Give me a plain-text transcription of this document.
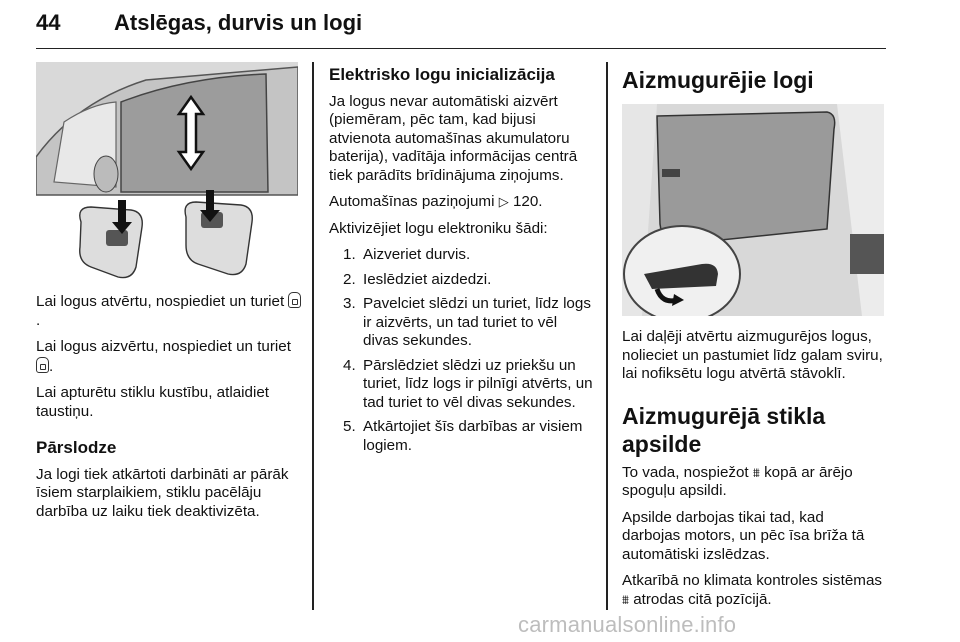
44 Atslēgas, durvis un logi

Lai logus atvērtu, nospiediet un turiet .

Lai logus aizvērtu, nospiediet un turiet .

Lai apturētu stiklu kustību, atlaidiet taustiņu.

Pārslodze

Ja logi tiek atkārtoti darbināti ar pārāk īsiem starplaikiem, stiklu pacēlāju darbība uz laiku tiek deaktivizēta.

Elektrisko logu inicializācija

Ja logus nevar automātiski aizvērt (piemēram, pēc tam, kad bijusi atvienota automašīnas akumulatoru baterija), vadītāja informācijas centrā tiek parādīts brīdinājuma ziņojums.

Automašīnas paziņojumi ▷ 120.

Aktivizējiet logu elektroniku šādi:

1. Aizveriet durvis.
2. Ieslēdziet aizdedzi.
3. Pavelciet slēdzi un turiet, līdz logs ir aizvērts, un tad turiet to vēl divas sekundes.
4. Pārslēdziet slēdzi uz priekšu un turiet, līdz logs ir pilnīgi atvērts, un tad turiet to vēl divas sekundes.
5. Atkārtojiet šīs darbības ar visiem logiem.
Aizmugurējie logi

Lai daļēji atvērtu aizmugurējos logus, nolieciet un pastumiet līdz galam sviru, lai nofiksētu logu atvērtā stāvoklī.

Aizmugurējā stikla apsilde

To vada, nospiežot ⩩ kopā ar ārējo spoguļu apsildi.

Apsilde darbojas tikai tad, kad darbojas motors, un pēc īsa brīža tā automātiski izslēdzas.

Atkarībā no klimata kontroles sistēmas ⩩ atrodas citā pozīcijā.

carmanualsonline.info
